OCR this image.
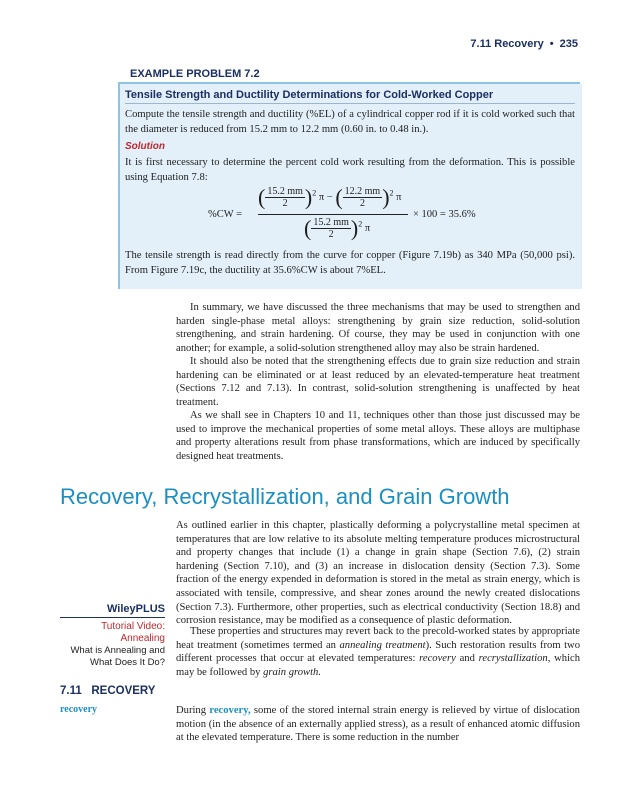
7.11 Recovery • 235
EXAMPLE PROBLEM 7.2
Tensile Strength and Ductility Determinations for Cold-Worked Copper
Compute the tensile strength and ductility (%EL) of a cylindrical copper rod if it is cold worked such that the diameter is reduced from 15.2 mm to 12.2 mm (0.60 in. to 0.48 in.).
Solution
It is first necessary to determine the percent cold work resulting from the deformation. This is possible using Equation 7.8:
%CW =
( $\frac{15.2 mm}{2} )^2$ π − ( $\frac{12.2 mm}{2} )^2$ π
( $\frac{15.2 mm}{2} )^2$ π
× 100 = 35.6%
The tensile strength is read directly from the curve for copper (Figure 7.19b) as 340 MPa (50,000 psi). From Figure 7.19c, the ductility at 35.6%CW is about 7%EL.
In summary, we have discussed the three mechanisms that may be used to strengthen and harden single-phase metal alloys: strengthening by grain size reduction, solid-solution strengthening, and strain hardening. Of course, they may be used in conjunction with one another; for example, a solid-solution strengthened alloy may also be strain hardened.
It should also be noted that the strengthening effects due to grain size reduction and strain hardening can be eliminated or at least reduced by an elevated-temperature heat treatment (Sections 7.12 and 7.13). In contrast, solid-solution strengthening is unaffected by heat treatment.
As we shall see in Chapters 10 and 11, techniques other than those just discussed may be used to improve the mechanical properties of some metal alloys. These alloys are multiphase and property alterations result from phase transformations, which are induced by specifically designed heat treatments.
Recovery, Recrystallization, and Grain Growth
As outlined earlier in this chapter, plastically deforming a polycrystalline metal specimen at temperatures that are low relative to its absolute melting temperature produces microstructural and property changes that include (1) a change in grain shape (Section 7.6), (2) strain hardening (Section 7.10), and (3) an increase in dislocation density (Section 7.3). Some fraction of the energy expended in deformation is stored in the metal as strain energy, which is associated with tensile, compressive, and shear zones around the newly created dislocations (Section 7.3). Furthermore, other properties, such as electrical conductivity (Section 18.8) and corrosion resistance, may be modified as a consequence of plastic deformation.
These properties and structures may revert back to the precold-worked states by appropriate heat treatment (sometimes termed an annealing treatment). Such restoration results from two different processes that occur at elevated temperatures: recovery and recrystallization, which may be followed by grain growth.
WileyPLUS
Tutorial Video:
Annealing
What is Annealing and
What Does It Do?
7.11 RECOVERY
recovery	During recovery, some of the stored internal strain energy is relieved by virtue of dislocation motion (in the absence of an externally applied stress), as a result of enhanced atomic diffusion at the elevated temperature. There is some reduction in the number
